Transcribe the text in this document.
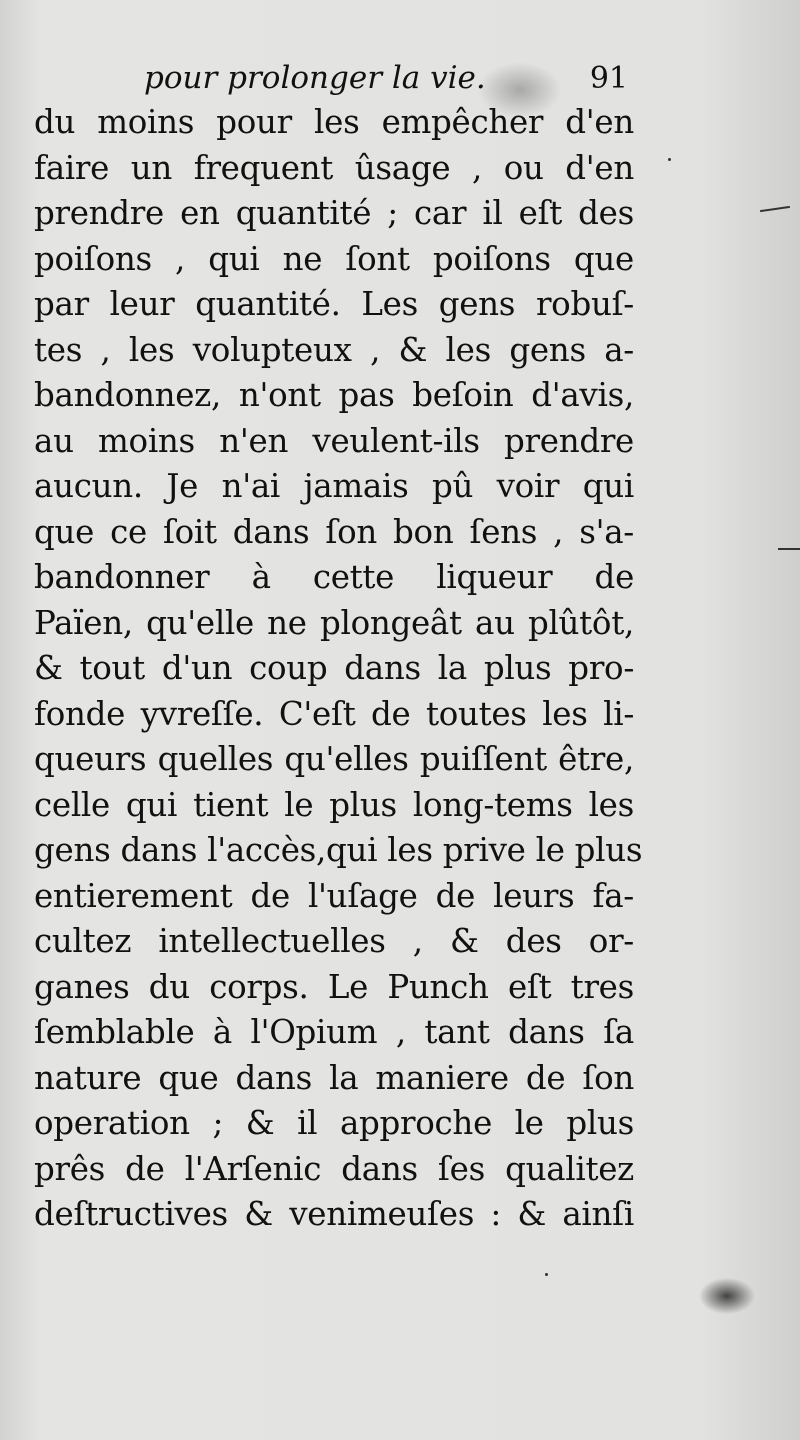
pour prolonger la vie.	91
du moins pour les empêcher d'en
faire un frequent ûsage , ou d'en
prendre en quantité ; car il eſt des
poiſons , qui ne ſont poiſons que
par leur quantité. Les gens robuſ-
tes , les volupteux , & les gens a-
bandonnez, n'ont pas beſoin d'avis,
au moins n'en veulent-ils prendre
aucun. Je n'ai jamais pû voir qui
que ce ſoit dans ſon bon ſens , s'a-
bandonner à cette liqueur de
Païen, qu'elle ne plongeât au plûtôt,
& tout d'un coup dans la plus pro-
fonde yvreſſe. C'eſt de toutes les li-
queurs quelles qu'elles puiſſent être,
celle qui tient le plus long-tems les
gens dans l'accès,qui les prive le plus
entierement de l'uſage de leurs fa-
cultez intellectuelles , & des or-
ganes du corps. Le Punch eſt tres
ſemblable à l'Opium , tant dans ſa
nature que dans la maniere de ſon
operation ; & il approche le plus
prês de l'Arſenic dans ſes qualitez
deſtructives & venimeuſes : & ainſi
